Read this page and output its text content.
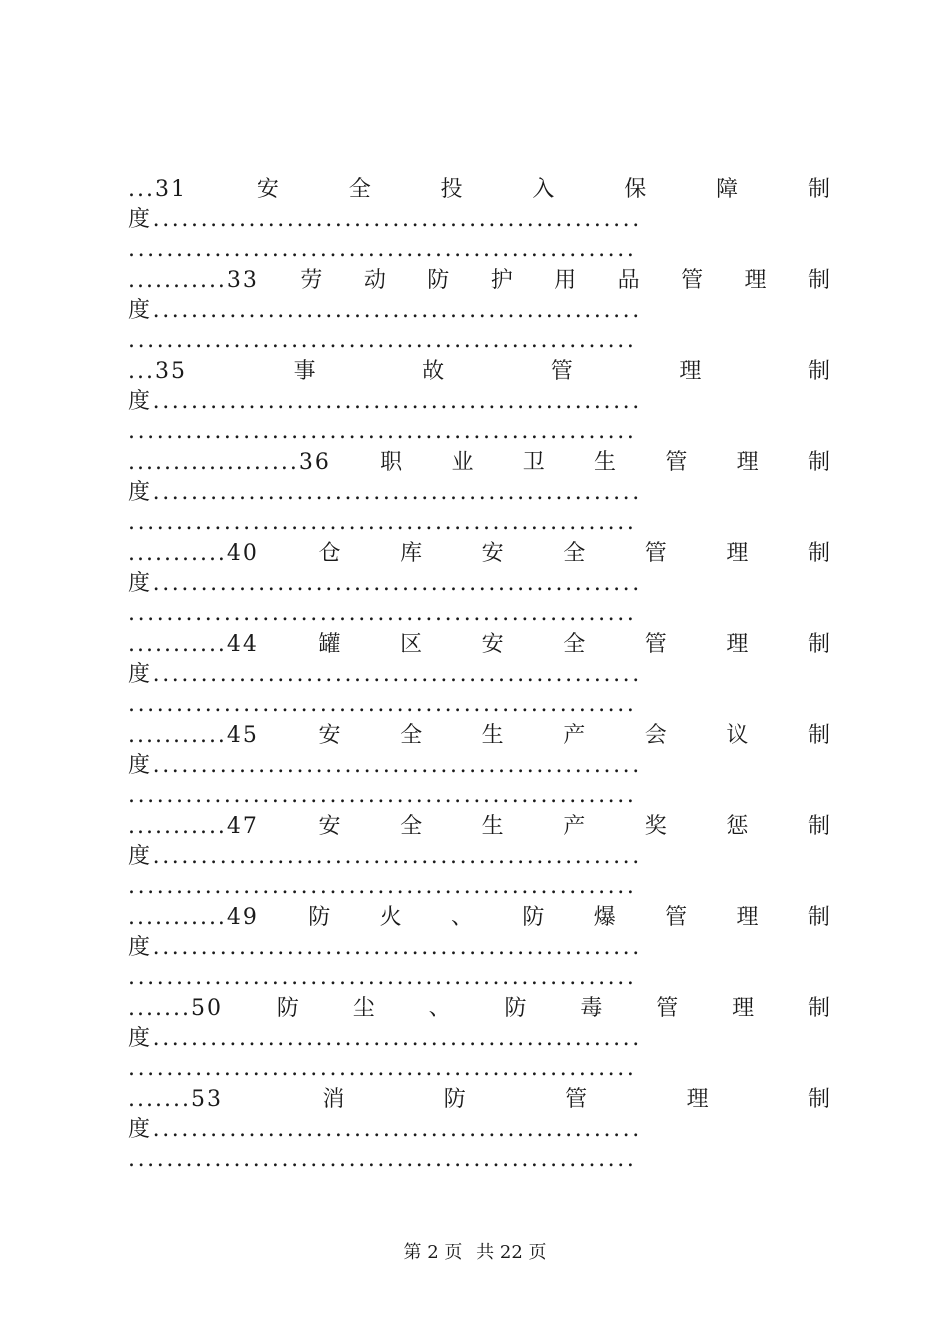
...31	安	全	投	入	保	障	制
度...................................................
.....................................................
...........33 劳 动 防 护 用 品 管 理 制
度...................................................
.....................................................
...35	事	故	管	理	制
度...................................................
.....................................................
...................36 职 业 卫 生 管 理 制
度...................................................
.....................................................
...........40	仓	库	安	全	管	理	制
度...................................................
.....................................................
...........44	罐	区	安	全	管	理	制
度...................................................
.....................................................
...........45	安	全	生	产	会	议	制
度...................................................
.....................................................
...........47	安	全	生	产	奖	惩	制
度...................................................
.....................................................
...........49 防 火 、 防 爆 管 理 制
度...................................................
.....................................................
.......50 防 尘 、 防 毒 管 理 制
度...................................................
.....................................................
.......53	消	防	管	理	制
度...................................................
.....................................................
第 2 页 共 22 页
